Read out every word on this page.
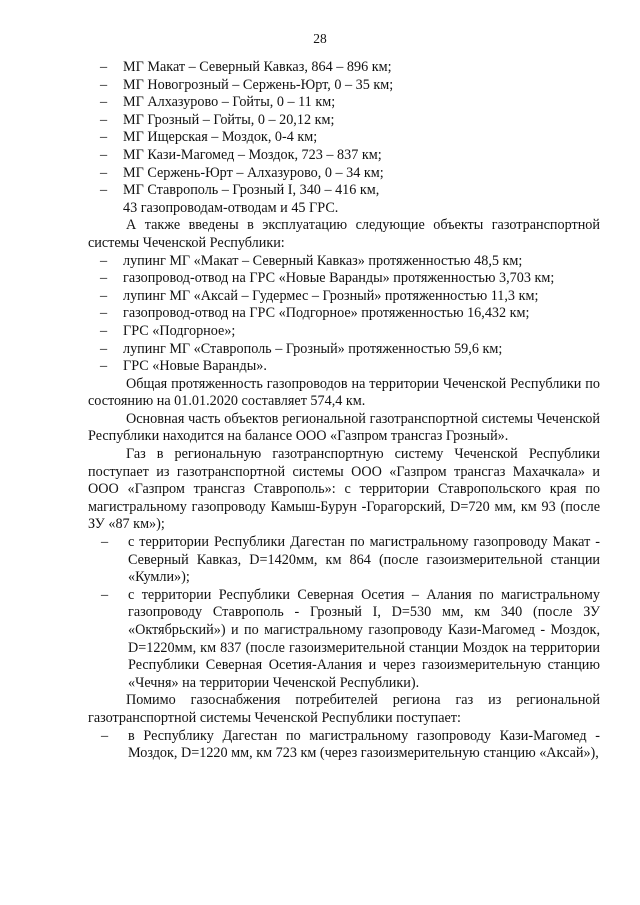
28
– МГ Макат – Северный Кавказ, 864 – 896 км;
– МГ Новогрозный – Сержень-Юрт, 0 – 35 км;
– МГ Алхазурово – Гойты, 0 – 11 км;
– МГ Грозный – Гойты, 0 – 20,12 км;
– МГ Ищерская – Моздок, 0-4 км;
– МГ Кази-Магомед – Моздок, 723 – 837 км;
– МГ Сержень-Юрт – Алхазурово, 0 – 34 км;
– МГ Ставрополь – Грозный I, 340 – 416 км,
43 газопроводам-отводам и 45 ГРС.
А также введены в эксплуатацию следующие объекты газотранспортной системы Чеченской Республики:
– лупинг МГ «Макат – Северный Кавказ» протяженностью 48,5 км;
– газопровод-отвод на ГРС «Новые Варанды» протяженностью 3,703 км;
– лупинг МГ «Аксай – Гудермес – Грозный» протяженностью 11,3 км;
– газопровод-отвод на ГРС «Подгорное» протяженностью 16,432 км;
– ГРС «Подгорное»;
– лупинг МГ «Ставрополь – Грозный» протяженностью 59,6 км;
– ГРС «Новые Варанды».
Общая протяженность газопроводов на территории Чеченской Республики по состоянию на 01.01.2020 составляет 574,4 км.
Основная часть объектов региональной газотранспортной системы Чеченской Республики находится на балансе ООО «Газпром трансгаз Грозный».
Газ в региональную газотранспортную систему Чеченской Республики поступает из газотранспортной системы ООО «Газпром трансгаз Махачкала» и ООО «Газпром трансгаз Ставрополь»: с территории Ставропольского края по магистральному газопроводу Камыш-Бурун -Горагорский, D=720 мм, км 93 (после ЗУ «87 км»);
– с территории Республики Дагестан по магистральному газопроводу Макат - Северный Кавказ, D=1420мм, км 864 (после газоизмерительной станции «Кумли»);
– с территории Республики Северная Осетия – Алания по магистральному газопроводу Ставрополь - Грозный I, D=530 мм, км 340 (после ЗУ «Октябрьский») и по магистральному газопроводу Кази-Магомед - Моздок, D=1220мм, км 837 (после газоизмерительной станции Моздок на территории Республики Северная Осетия-Алания и через газоизмерительную станцию «Чечня» на территории Чеченской Республики).
Помимо газоснабжения потребителей региона газ из региональной газотранспортной системы Чеченской Республики поступает:
– в Республику Дагестан по магистральному газопроводу Кази-Магомед - Моздок, D=1220 мм, км 723 км (через газоизмерительную станцию «Аксай»),
